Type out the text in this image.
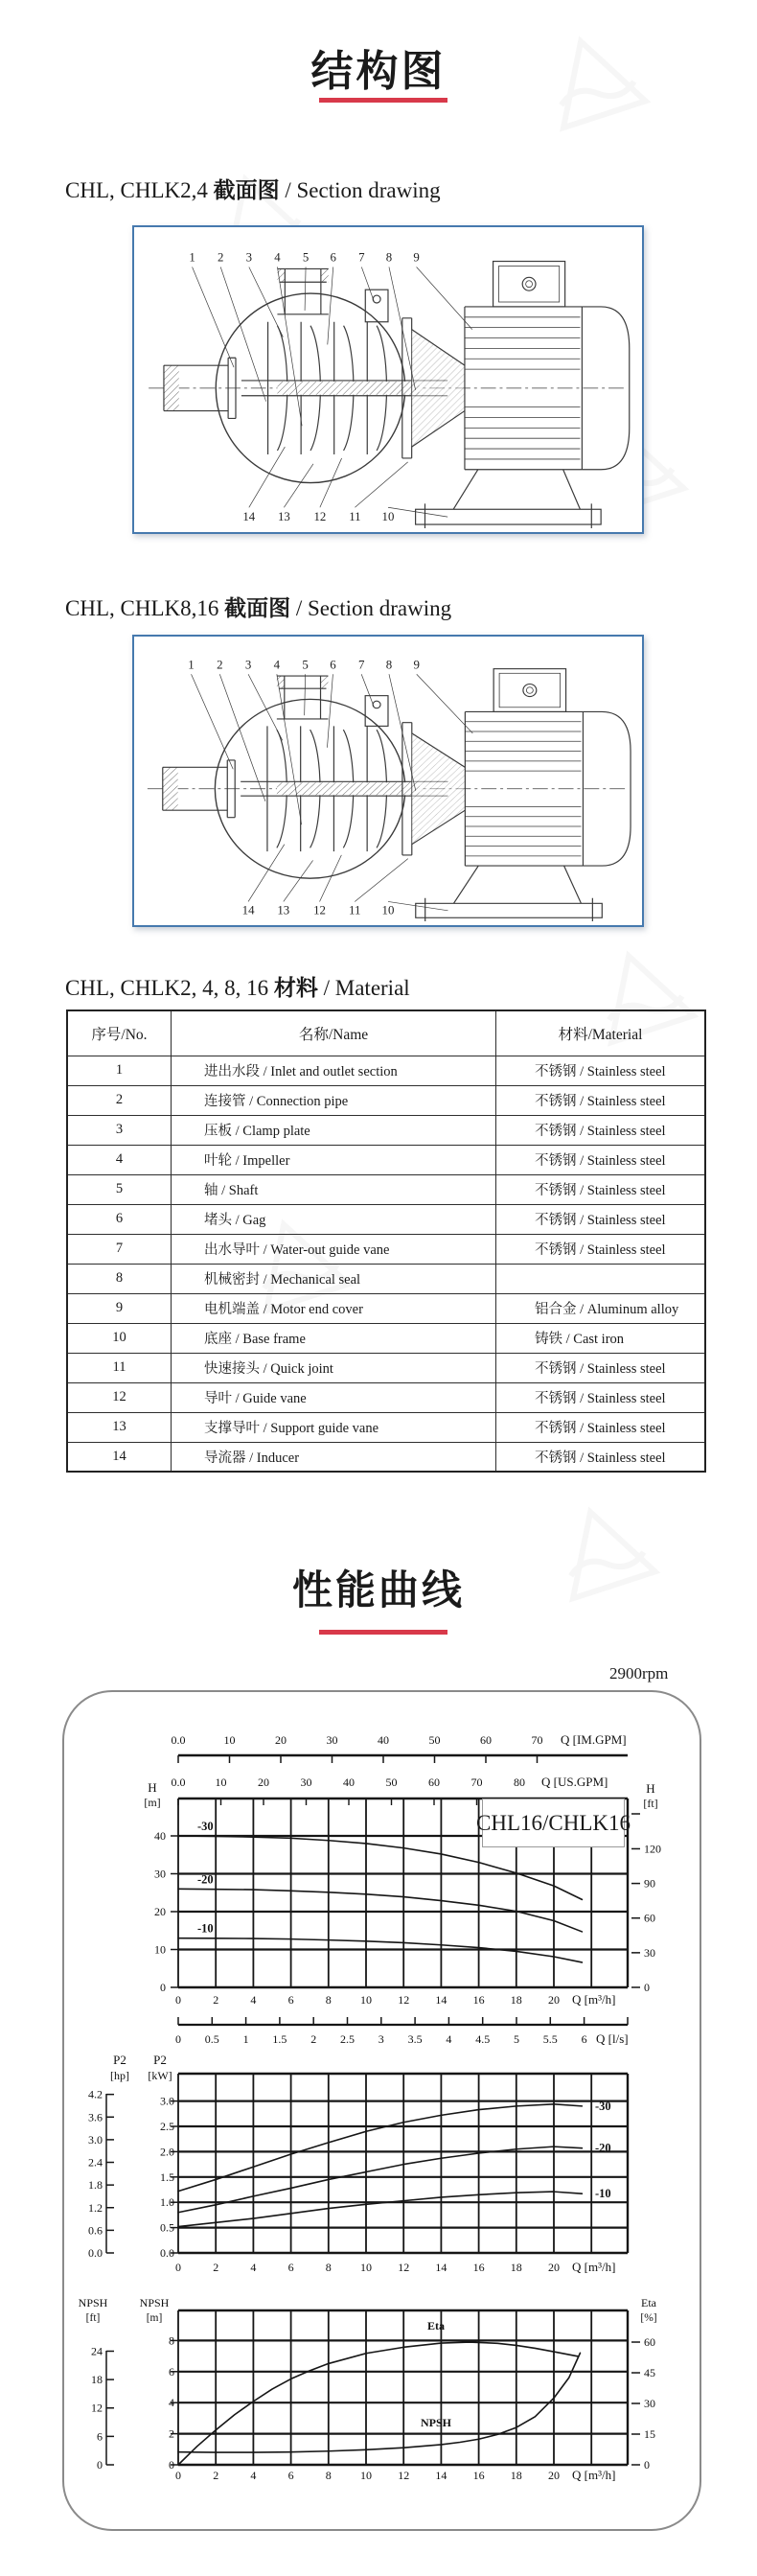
结构图
CHL, CHLK2,4 截面图 / Section drawing
CHL, CHLK8,16 截面图 / Section drawing
CHL, CHLK2, 4, 8, 16 材料 / Material
序号/No.	名称/Name	材料/Material
1	进出水段 / Inlet and outlet section	不锈钢 / Stainless steel
2	连接管 / Connection pipe	不锈钢 / Stainless steel
3	压板 / Clamp plate	不锈钢 / Stainless steel
4	叶轮 / Impeller	不锈钢 / Stainless steel
5	轴 / Shaft	不锈钢 / Stainless steel
6	堵头 / Gag	不锈钢 / Stainless steel
7	出水导叶 / Water-out guide vane	不锈钢 / Stainless steel
8	机械密封 / Mechanical seal	
9	电机端盖 / Motor end cover	铝合金 / Aluminum alloy
10	底座 / Base frame	铸铁 / Cast iron
11	快速接头 / Quick joint	不锈钢 / Stainless steel
12	导叶 / Guide vane	不锈钢 / Stainless steel
13	支撑导叶 / Support guide vane	不锈钢 / Stainless steel
14	导流器 / Inducer	不锈钢 / Stainless steel
性能曲线
2900rpm
0.0	10	20	30	40	50	60	70 Q [IM.GPM]
0.0	10	20	30	40	50	60	70	80 Q [US.GPM]
0
10
20
30
40
H
[m]
0
30
60
90
120
H
[ft]
-30
-20
-10
0	2	4	6	8	10 12 14 16 18 20 Q [m³/h]
0 0.5 1 1.5 2 2.5 3 3.5 4 4.5 5 5.5 6 Q [l/s]
P2
[hp]
P2
[kW]
0.0
0.5
1.0
1.5
2.0
2.5
3.0
0.0
0.6
1.2
1.8
2.4
3.0
3.6
4.2
-30
-20
-10
0	2	4	6	8	10 12 14 16 18 20 Q [m³/h]
NPSH
[ft]
NPSH
[m]
Eta
[%]
0
2
4
6
8
0
6
12
18
24
0
15
30
45
60
Eta
NPSH
0	2	4	6	8	10 12 14 16 18 20 Q [m³/h]
CHL16/CHLK16
